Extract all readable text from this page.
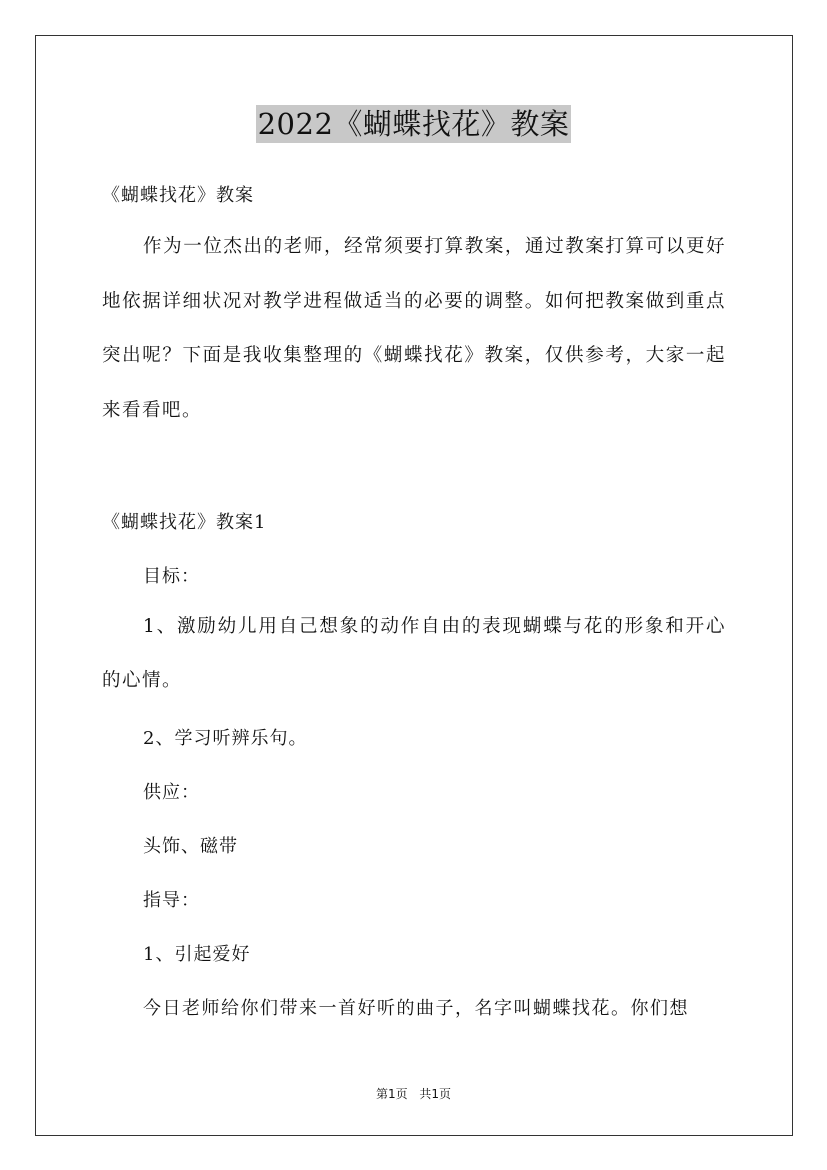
2022《蝴蝶找花》教案
《蝴蝶找花》教案
作为一位杰出的老师，经常须要打算教案，通过教案打算可以更好地依据详细状况对教学进程做适当的必要的调整。如何把教案做到重点突出呢？下面是我收集整理的《蝴蝶找花》教案，仅供参考，大家一起来看看吧。
《蝴蝶找花》教案1
目标：
1、激励幼儿用自己想象的动作自由的表现蝴蝶与花的形象和开心的心情。
2、学习听辨乐句。
供应：
头饰、磁带
指导：
1、引起爱好
今日老师给你们带来一首好听的曲子，名字叫蝴蝶找花。你们想
第1页 共1页
